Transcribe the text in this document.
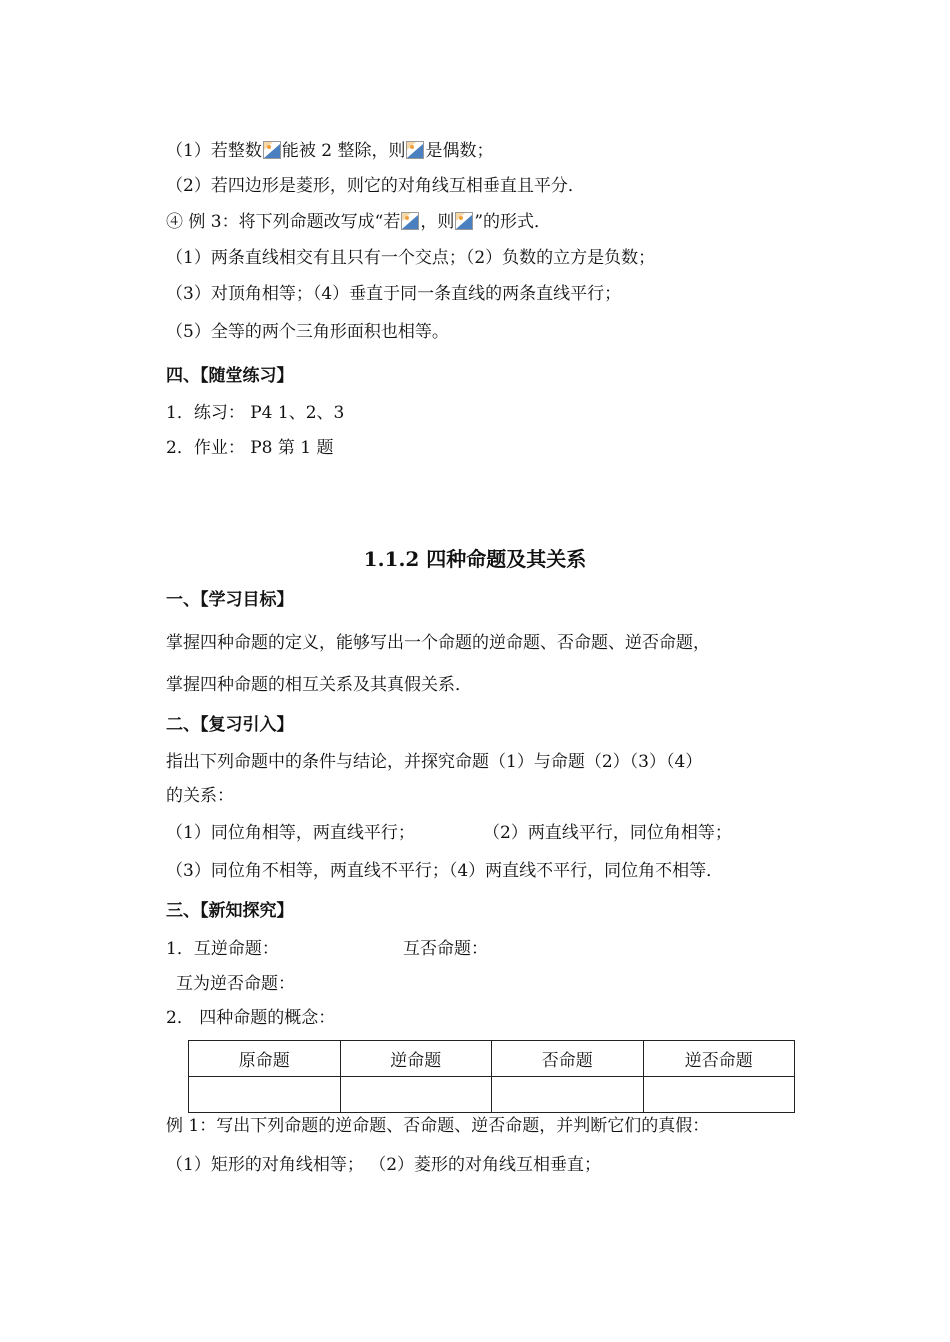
（1）若整数 能被 2 整除，则 是偶数；
（2）若四边形是菱形，则它的对角线互相垂直且平分．
④ 例 3：将下列命题改写成“若 ，则 ”的形式．
（1）两条直线相交有且只有一个交点；（2）负数的立方是负数；
（3）对顶角相等；（4）垂直于同一条直线的两条直线平行；
（5）全等的两个三角形面积也相等。
四、【随堂练习】
1．练习： P4 1、2、3
2．作业： P8 第 1 题
1.1.2 四种命题及其关系
一、【学习目标】
掌握四种命题的定义，能够写出一个命题的逆命题、否命题、逆否命题，
掌握四种命题的相互关系及其真假关系．
二、【复习引入】
指出下列命题中的条件与结论，并探究命题（1）与命题（2）（3）（4）
的关系：
（1）同位角相等，两直线平行；	（2）两直线平行，同位角相等；
（3）同位角不相等，两直线不平行；（4）两直线不平行，同位角不相等．
三、【新知探究】
1．互逆命题：	互否命题：
互为逆否命题：
2． 四种命题的概念：
原命题	逆命题	否命题	逆否命题

例 1：写出下列命题的逆命题、否命题、逆否命题，并判断它们的真假：
（1）矩形的对角线相等； （2）菱形的对角线互相垂直；
